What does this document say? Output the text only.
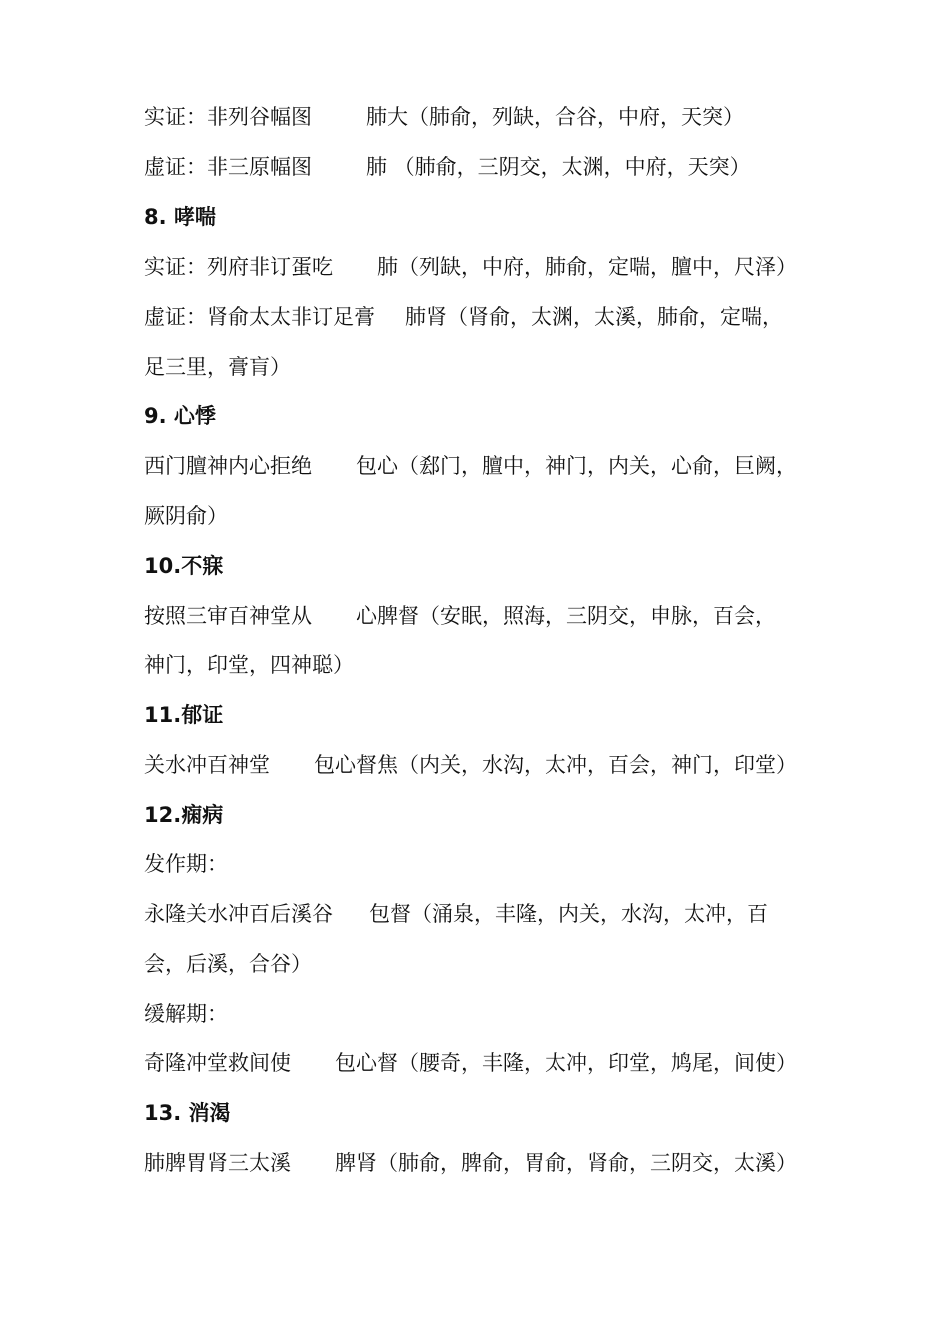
实证：非列谷幅图	肺大（肺俞，列缺，合谷，中府，天突）
虚证：非三原幅图	肺 （肺俞，三阴交，太渊，中府，天突）
8. 哮喘
实证：列府非订蛋吃 肺（列缺，中府，肺俞，定喘，膻中，尺泽）
虚证：肾俞太太非订足膏 肺肾（肾俞，太渊，太溪，肺俞，定喘，
足三里，膏肓）
9. 心悸
西门膻神内心拒绝 包心（郄门，膻中，神门，内关，心俞，巨阙，
厥阴俞）
10.不寐
按照三审百神堂从 心脾督（安眠，照海，三阴交，申脉，百会，
神门，印堂，四神聪）
11.郁证
关水冲百神堂 包心督焦（内关，水沟，太冲，百会，神门，印堂）
12.痫病
发作期：
永隆关水冲百后溪谷 包督（涌泉，丰隆，内关，水沟，太冲，百
会，后溪，合谷）
缓解期：
奇隆冲堂救间使 包心督（腰奇，丰隆，太冲，印堂，鸠尾，间使）
13. 消渴
肺脾胃肾三太溪 脾肾（肺俞，脾俞，胃俞，肾俞，三阴交，太溪）
